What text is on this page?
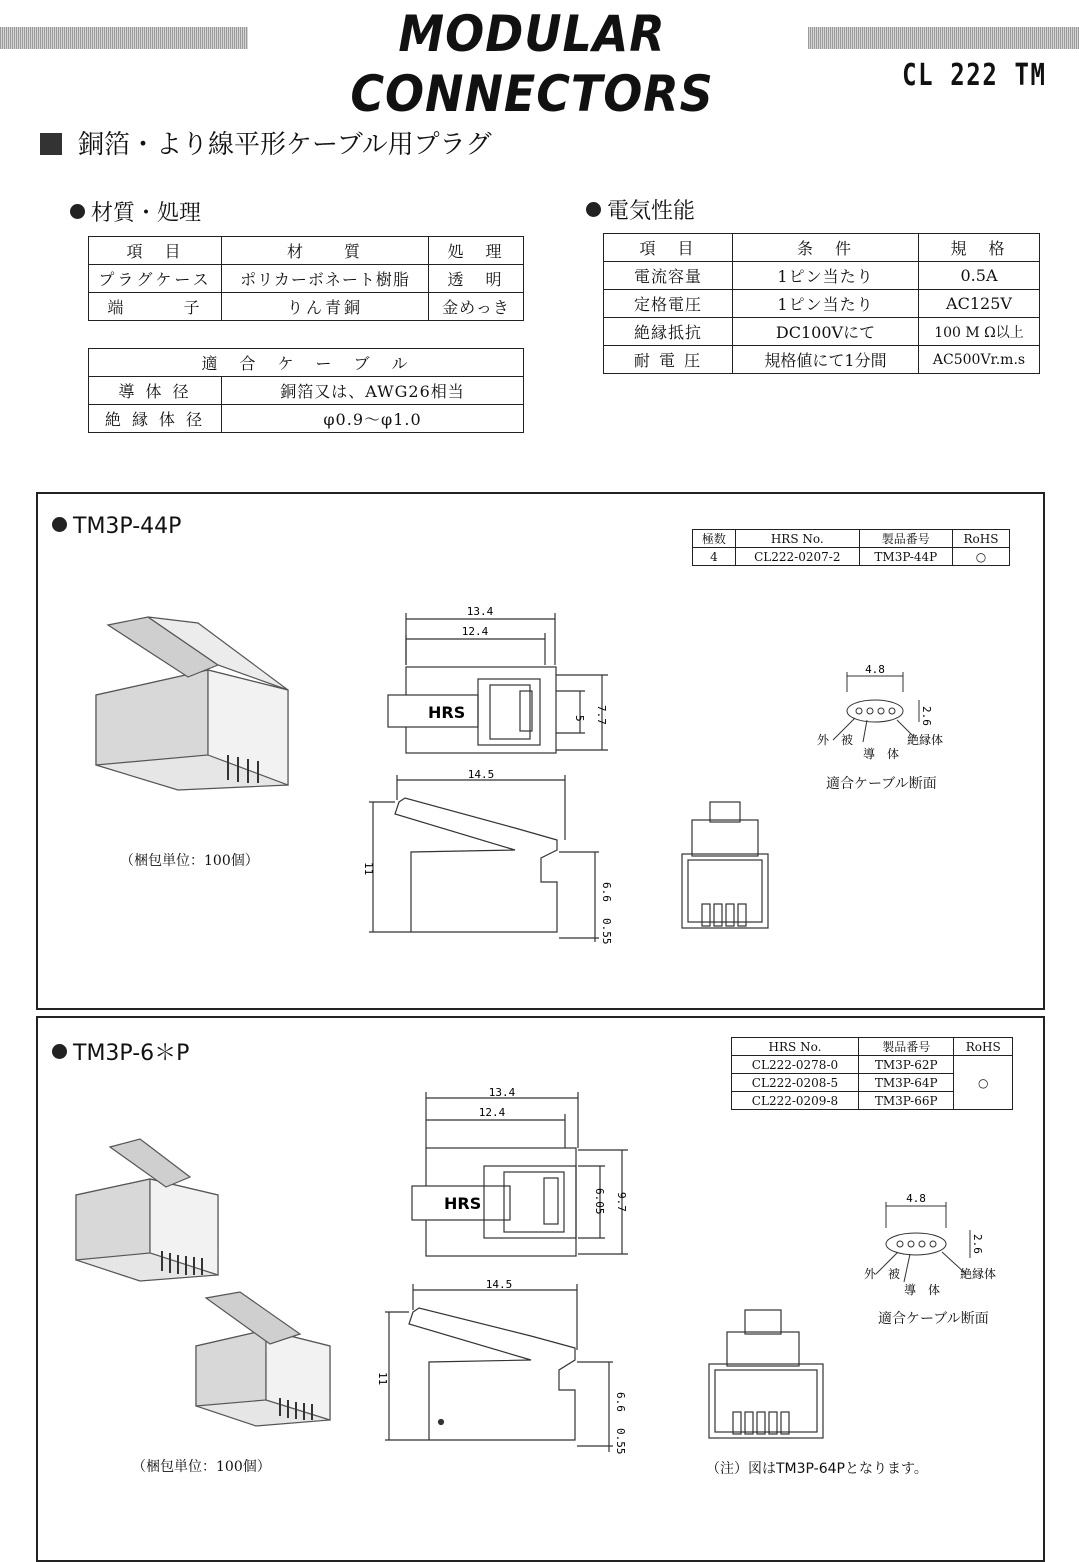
MODULAR CONNECTORS	CL 222 TM
銅箔・より線平形ケーブル用プラグ
材質・処理
項　目	材　　質	処　理
プラグケース	ポリカーボネート樹脂	透　明
端　　　子	りん青銅	金めっき
適　合　ケ　ー　ブ　ル	
導 体 径	銅箔又は、AWG26相当
絶 縁 体 径	φ0.9〜φ1.0
電気性能
項　目	条　件	規　格
電流容量	1ピン当たり	0.5A
定格電圧	1ピン当たり	AC125V
絶縁抵抗	DC100Vにて	100 M Ω以上
耐 電 圧	規格値にて1分間	AC500Vr.m.s
TM3P-44P	極数	HRS No.	製品番号	RoHS
4	CL222-0207-2	TM3P-44P	○
（梱包単位：100個）
13.4
12.4
5 7.7
HRS
14.5
11
6.6
0.55
4.8
2.6
外　被
導　体
絶縁体
適合ケーブル断面
TM3P-6＊P	HRS No.	製品番号	RoHS
CL222-0278-0	TM3P-62P	○
CL222-0208-5	TM3P-64P	
CL222-0209-8	TM3P-66P	
（梱包単位：100個）
13.4
12.4
6.05 9.7
HRS
14.5
11
6.6
0.55
4.8
2.6
外　被
導　体
絶縁体
適合ケーブル断面
（注）図はTM3P-64Pとなります。
